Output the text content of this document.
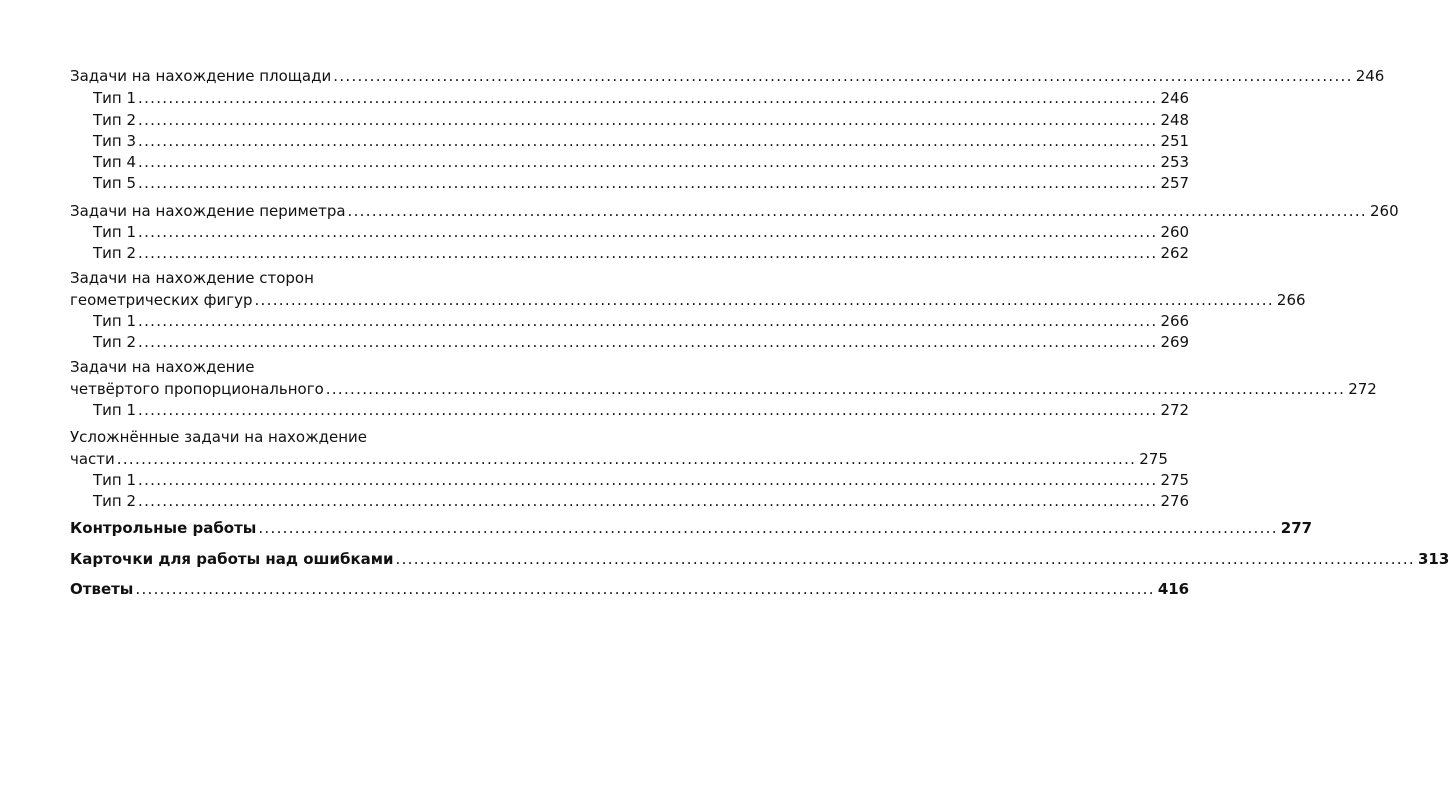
Задачи на нахождение площади ........................................................................................................................................................................ 246
Тип 1 ........................................................................................................................................................................ 246
Тип 2 ........................................................................................................................................................................ 248
Тип 3 ........................................................................................................................................................................ 251
Тип 4 ........................................................................................................................................................................ 253
Тип 5 ........................................................................................................................................................................ 257
Задачи на нахождение периметра ........................................................................................................................................................................ 260
Тип 1 ........................................................................................................................................................................ 260
Тип 2 ........................................................................................................................................................................ 262
Задачи на нахождение сторон
геометрических фигур ........................................................................................................................................................................ 266
Тип 1 ........................................................................................................................................................................ 266
Тип 2 ........................................................................................................................................................................ 269
Задачи на нахождение
четвёртого пропорционального ........................................................................................................................................................................ 272
Тип 1 ........................................................................................................................................................................ 272
Усложнённые задачи на нахождение
части ........................................................................................................................................................................ 275
Тип 1 ........................................................................................................................................................................ 275
Тип 2 ........................................................................................................................................................................ 276
Контрольные работы ........................................................................................................................................................................ 277
Карточки для работы над ошибками ........................................................................................................................................................................ 313
Ответы ........................................................................................................................................................................ 416
